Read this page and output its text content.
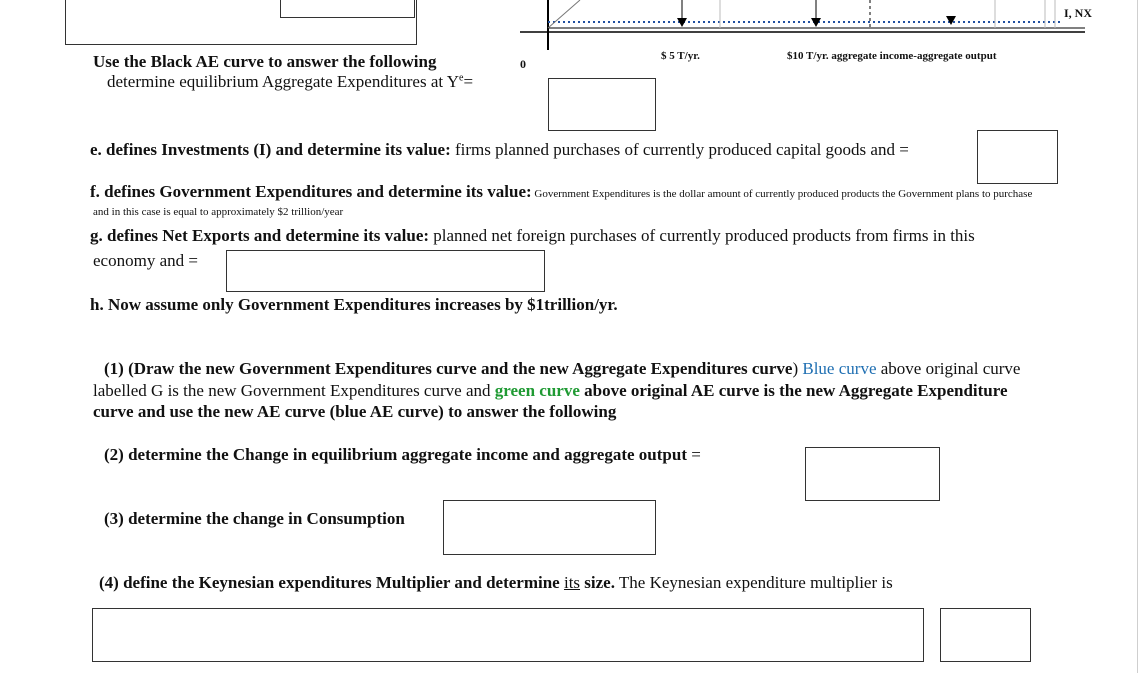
I, NX
0
$ 5 T/yr.	$10 T/yr. aggregate income-aggregate output
Use the Black AE curve to answer the following
determine equilibrium Aggregate Expenditures at $Y^e=$
e. defines Investments (I) and determine its value: firms planned purchases of currently produced capital goods and =
f. defines Government Expenditures and determine its value: Government Expenditures is the dollar amount of currently produced products the Government plans to purchase
and in this case is equal to approximately $2 trillion/year
g. defines Net Exports and determine its value: planned net foreign purchases of currently produced products from firms in this
economy and =
h. Now assume only Government Expenditures increases by $1trillion/yr.
(1) (Draw the new Government Expenditures curve and the new Aggregate Expenditures curve) Blue curve above original curve
labelled G is the new Government Expenditures curve and green curve above original AE curve is the new Aggregate Expenditure
curve and use the new AE curve (blue AE curve) to answer the following
(2) determine the Change in equilibrium aggregate income and aggregate output =
(3) determine the change in Consumption
(4) define the Keynesian expenditures Multiplier and determine its size. The Keynesian expenditure multiplier is
